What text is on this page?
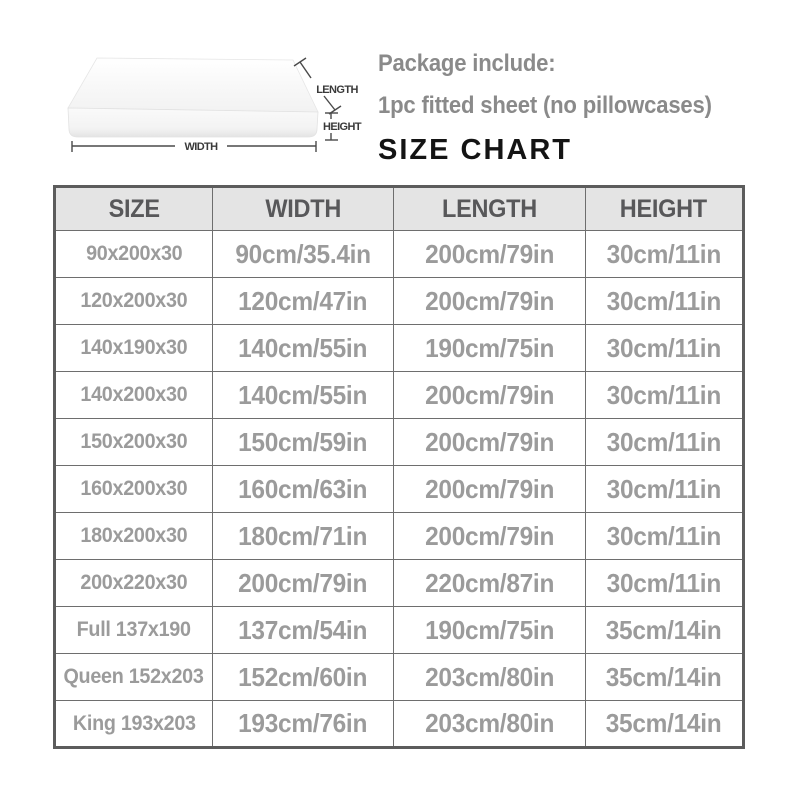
LENGTH
HEIGHT
WIDTH

Package include:

1pc fitted sheet (no pillowcases)

SIZE CHART

SIZE	WIDTH	LENGTH	HEIGHT
90x200x30	90cm/35.4in	200cm/79in	30cm/11in
120x200x30	120cm/47in	200cm/79in	30cm/11in
140x190x30	140cm/55in	190cm/75in	30cm/11in
140x200x30	140cm/55in	200cm/79in	30cm/11in
150x200x30	150cm/59in	200cm/79in	30cm/11in
160x200x30	160cm/63in	200cm/79in	30cm/11in
180x200x30	180cm/71in	200cm/79in	30cm/11in
200x220x30	200cm/79in	220cm/87in	30cm/11in
Full 137x190	137cm/54in	190cm/75in	35cm/14in
Queen 152x203	152cm/60in	203cm/80in	35cm/14in
King 193x203	193cm/76in	203cm/80in	35cm/14in
